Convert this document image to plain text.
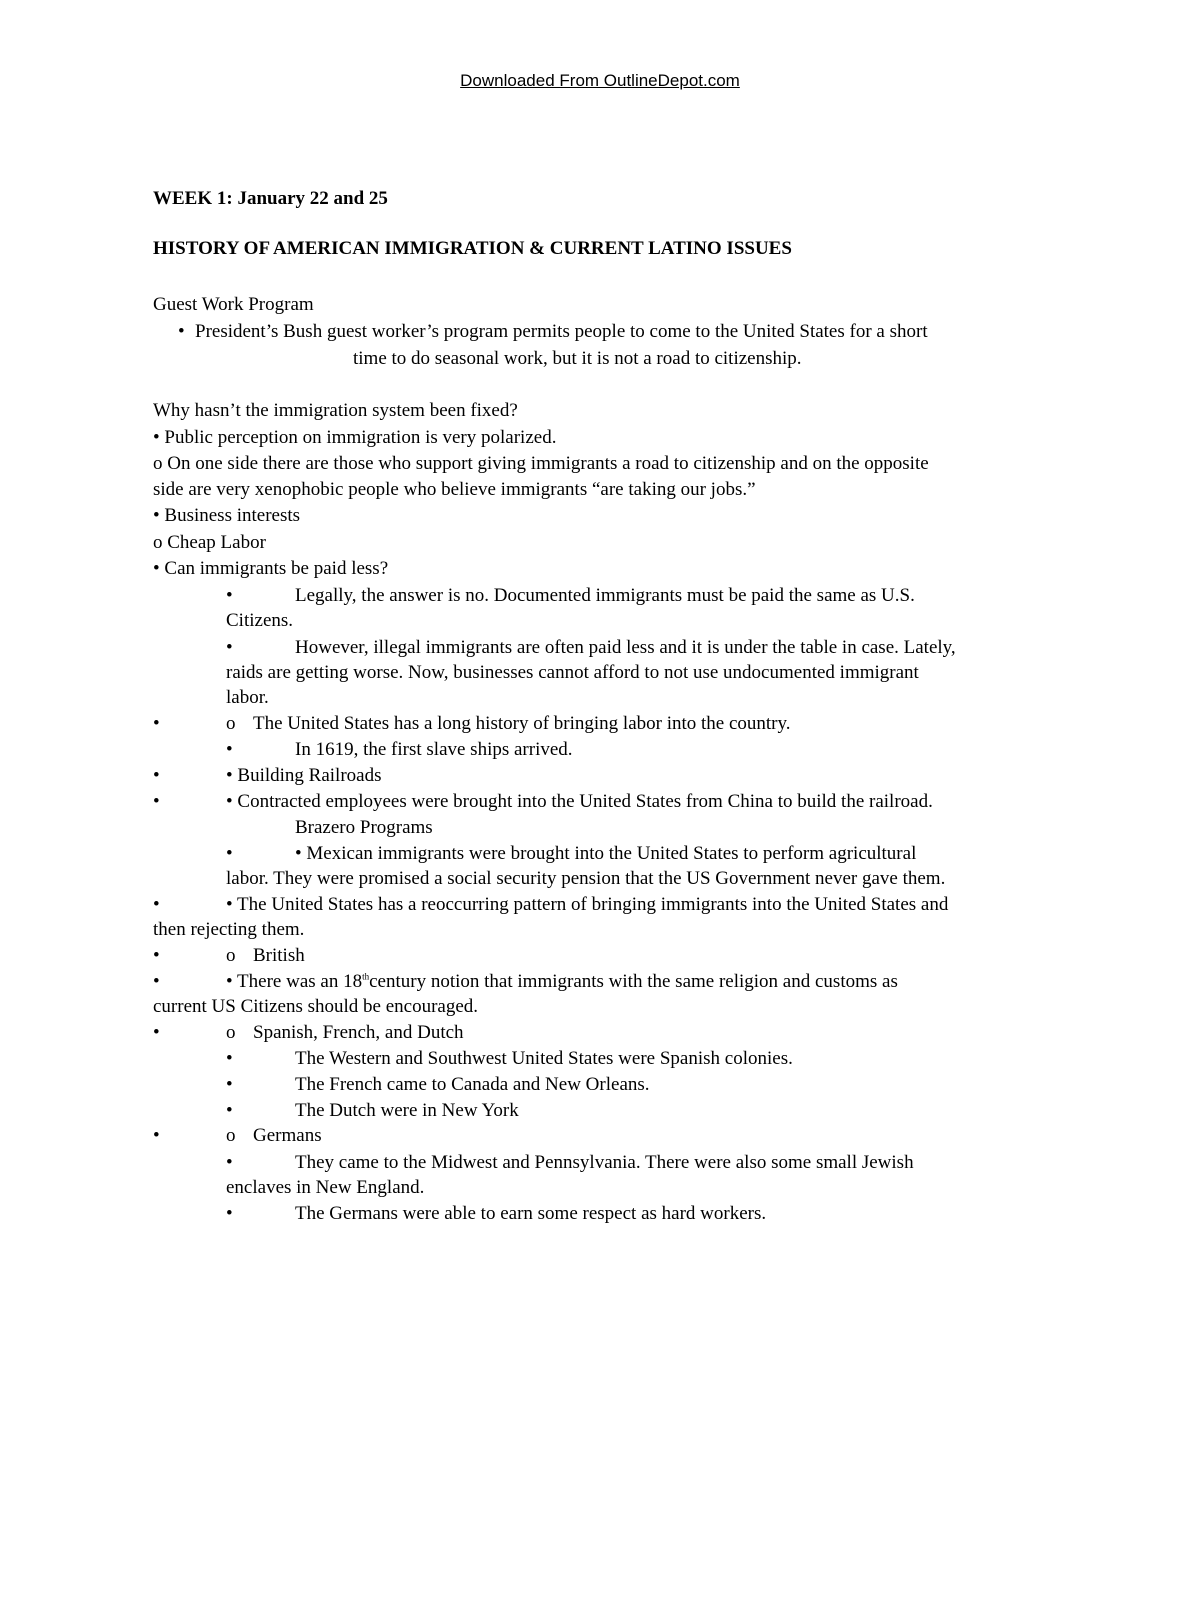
Downloaded From OutlineDepot.com
WEEK 1: January 22 and 25
HISTORY OF AMERICAN IMMIGRATION & CURRENT LATINO ISSUES
Guest Work Program
• President’s Bush guest worker’s program permits people to come to the United States for a short
time to do seasonal work, but it is not a road to citizenship.
Why hasn’t the immigration system been fixed?
• Public perception on immigration is very polarized.
o On one side there are those who support giving immigrants a road to citizenship and on the opposite
side are very xenophobic people who believe immigrants “are taking our jobs.”
• Business interests
o Cheap Labor
• Can immigrants be paid less?
•	Legally, the answer is no. Documented immigrants must be paid the same as U.S.
Citizens.
•	However, illegal immigrants are often paid less and it is under the table in case. Lately,
raids are getting worse. Now, businesses cannot afford to not use undocumented immigrant
labor.
•	o The United States has a long history of bringing labor into the country.
•	In 1619, the first slave ships arrived.
•	• Building Railroads
•	• Contracted employees were brought into the United States from China to build the railroad.
Brazero Programs
•	• Mexican immigrants were brought into the United States to perform agricultural
labor. They were promised a social security pension that the US Government never gave them.
•	• The United States has a reoccurring pattern of bringing immigrants into the United States and
then rejecting them.
•	o British
•	• There was an 18thcentury notion that immigrants with the same religion and customs as
current US Citizens should be encouraged.
•	o Spanish, French, and Dutch
•	The Western and Southwest United States were Spanish colonies.
•	The French came to Canada and New Orleans.
•	The Dutch were in New York
•	o Germans
•	They came to the Midwest and Pennsylvania. There were also some small Jewish
enclaves in New England.
•	The Germans were able to earn some respect as hard workers.
